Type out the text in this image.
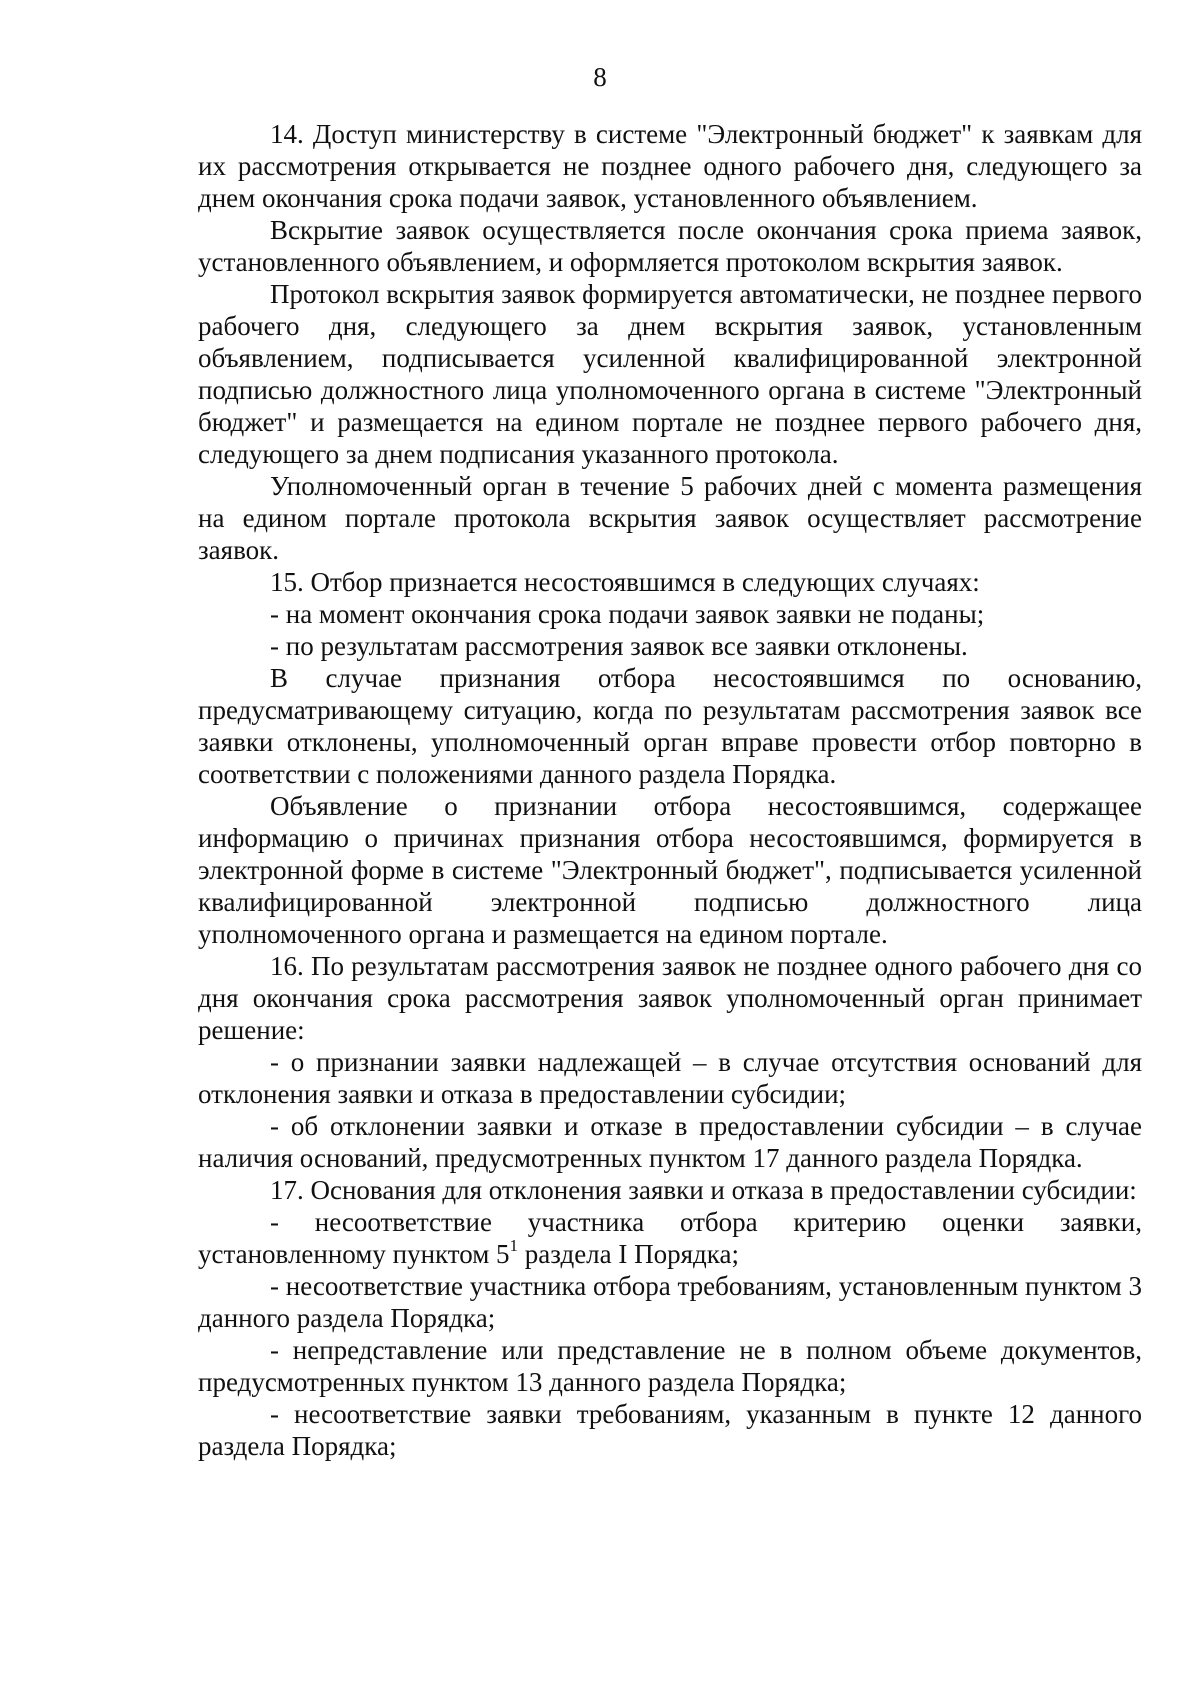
8

14. Доступ министерству в системе "Электронный бюджет" к заявкам для их рассмотрения открывается не позднее одного рабочего дня, следующего за днем окончания срока подачи заявок, установленного объявлением.

Вскрытие заявок осуществляется после окончания срока приема заявок, установленного объявлением, и оформляется протоколом вскрытия заявок.

Протокол вскрытия заявок формируется автоматически, не позднее первого рабочего дня, следующего за днем вскрытия заявок, установленным объявлением, подписывается усиленной квалифицированной электронной подписью должностного лица уполномоченного органа в системе "Электронный бюджет" и размещается на едином портале не позднее первого рабочего дня, следующего за днем подписания указанного протокола.

Уполномоченный орган в течение 5 рабочих дней с момента размещения на едином портале протокола вскрытия заявок осуществляет рассмотрение заявок.

15. Отбор признается несостоявшимся в следующих случаях:

- на момент окончания срока подачи заявок заявки не поданы;

- по результатам рассмотрения заявок все заявки отклонены.

В случае признания отбора несостоявшимся по основанию, предусматривающему ситуацию, когда по результатам рассмотрения заявок все заявки отклонены, уполномоченный орган вправе провести отбор повторно в соответствии с положениями данного раздела Порядка.

Объявление о признании отбора несостоявшимся, содержащее информацию о причинах признания отбора несостоявшимся, формируется в электронной форме в системе "Электронный бюджет", подписывается усиленной квалифицированной электронной подписью должностного лица уполномоченного органа и размещается на едином портале.

16. По результатам рассмотрения заявок не позднее одного рабочего дня со дня окончания срока рассмотрения заявок уполномоченный орган принимает решение:

- о признании заявки надлежащей – в случае отсутствия оснований для отклонения заявки и отказа в предоставлении субсидии;

- об отклонении заявки и отказе в предоставлении субсидии – в случае наличия оснований, предусмотренных пунктом 17 данного раздела Порядка.

17. Основания для отклонения заявки и отказа в предоставлении субсидии:

- несоответствие участника отбора критерию оценки заявки, установленному пунктом $5^1$ раздела I Порядка;

- несоответствие участника отбора требованиям, установленным пунктом 3 данного раздела Порядка;

- непредставление или представление не в полном объеме документов, предусмотренных пунктом 13 данного раздела Порядка;

- несоответствие заявки требованиям, указанным в пункте 12 данного раздела Порядка;
